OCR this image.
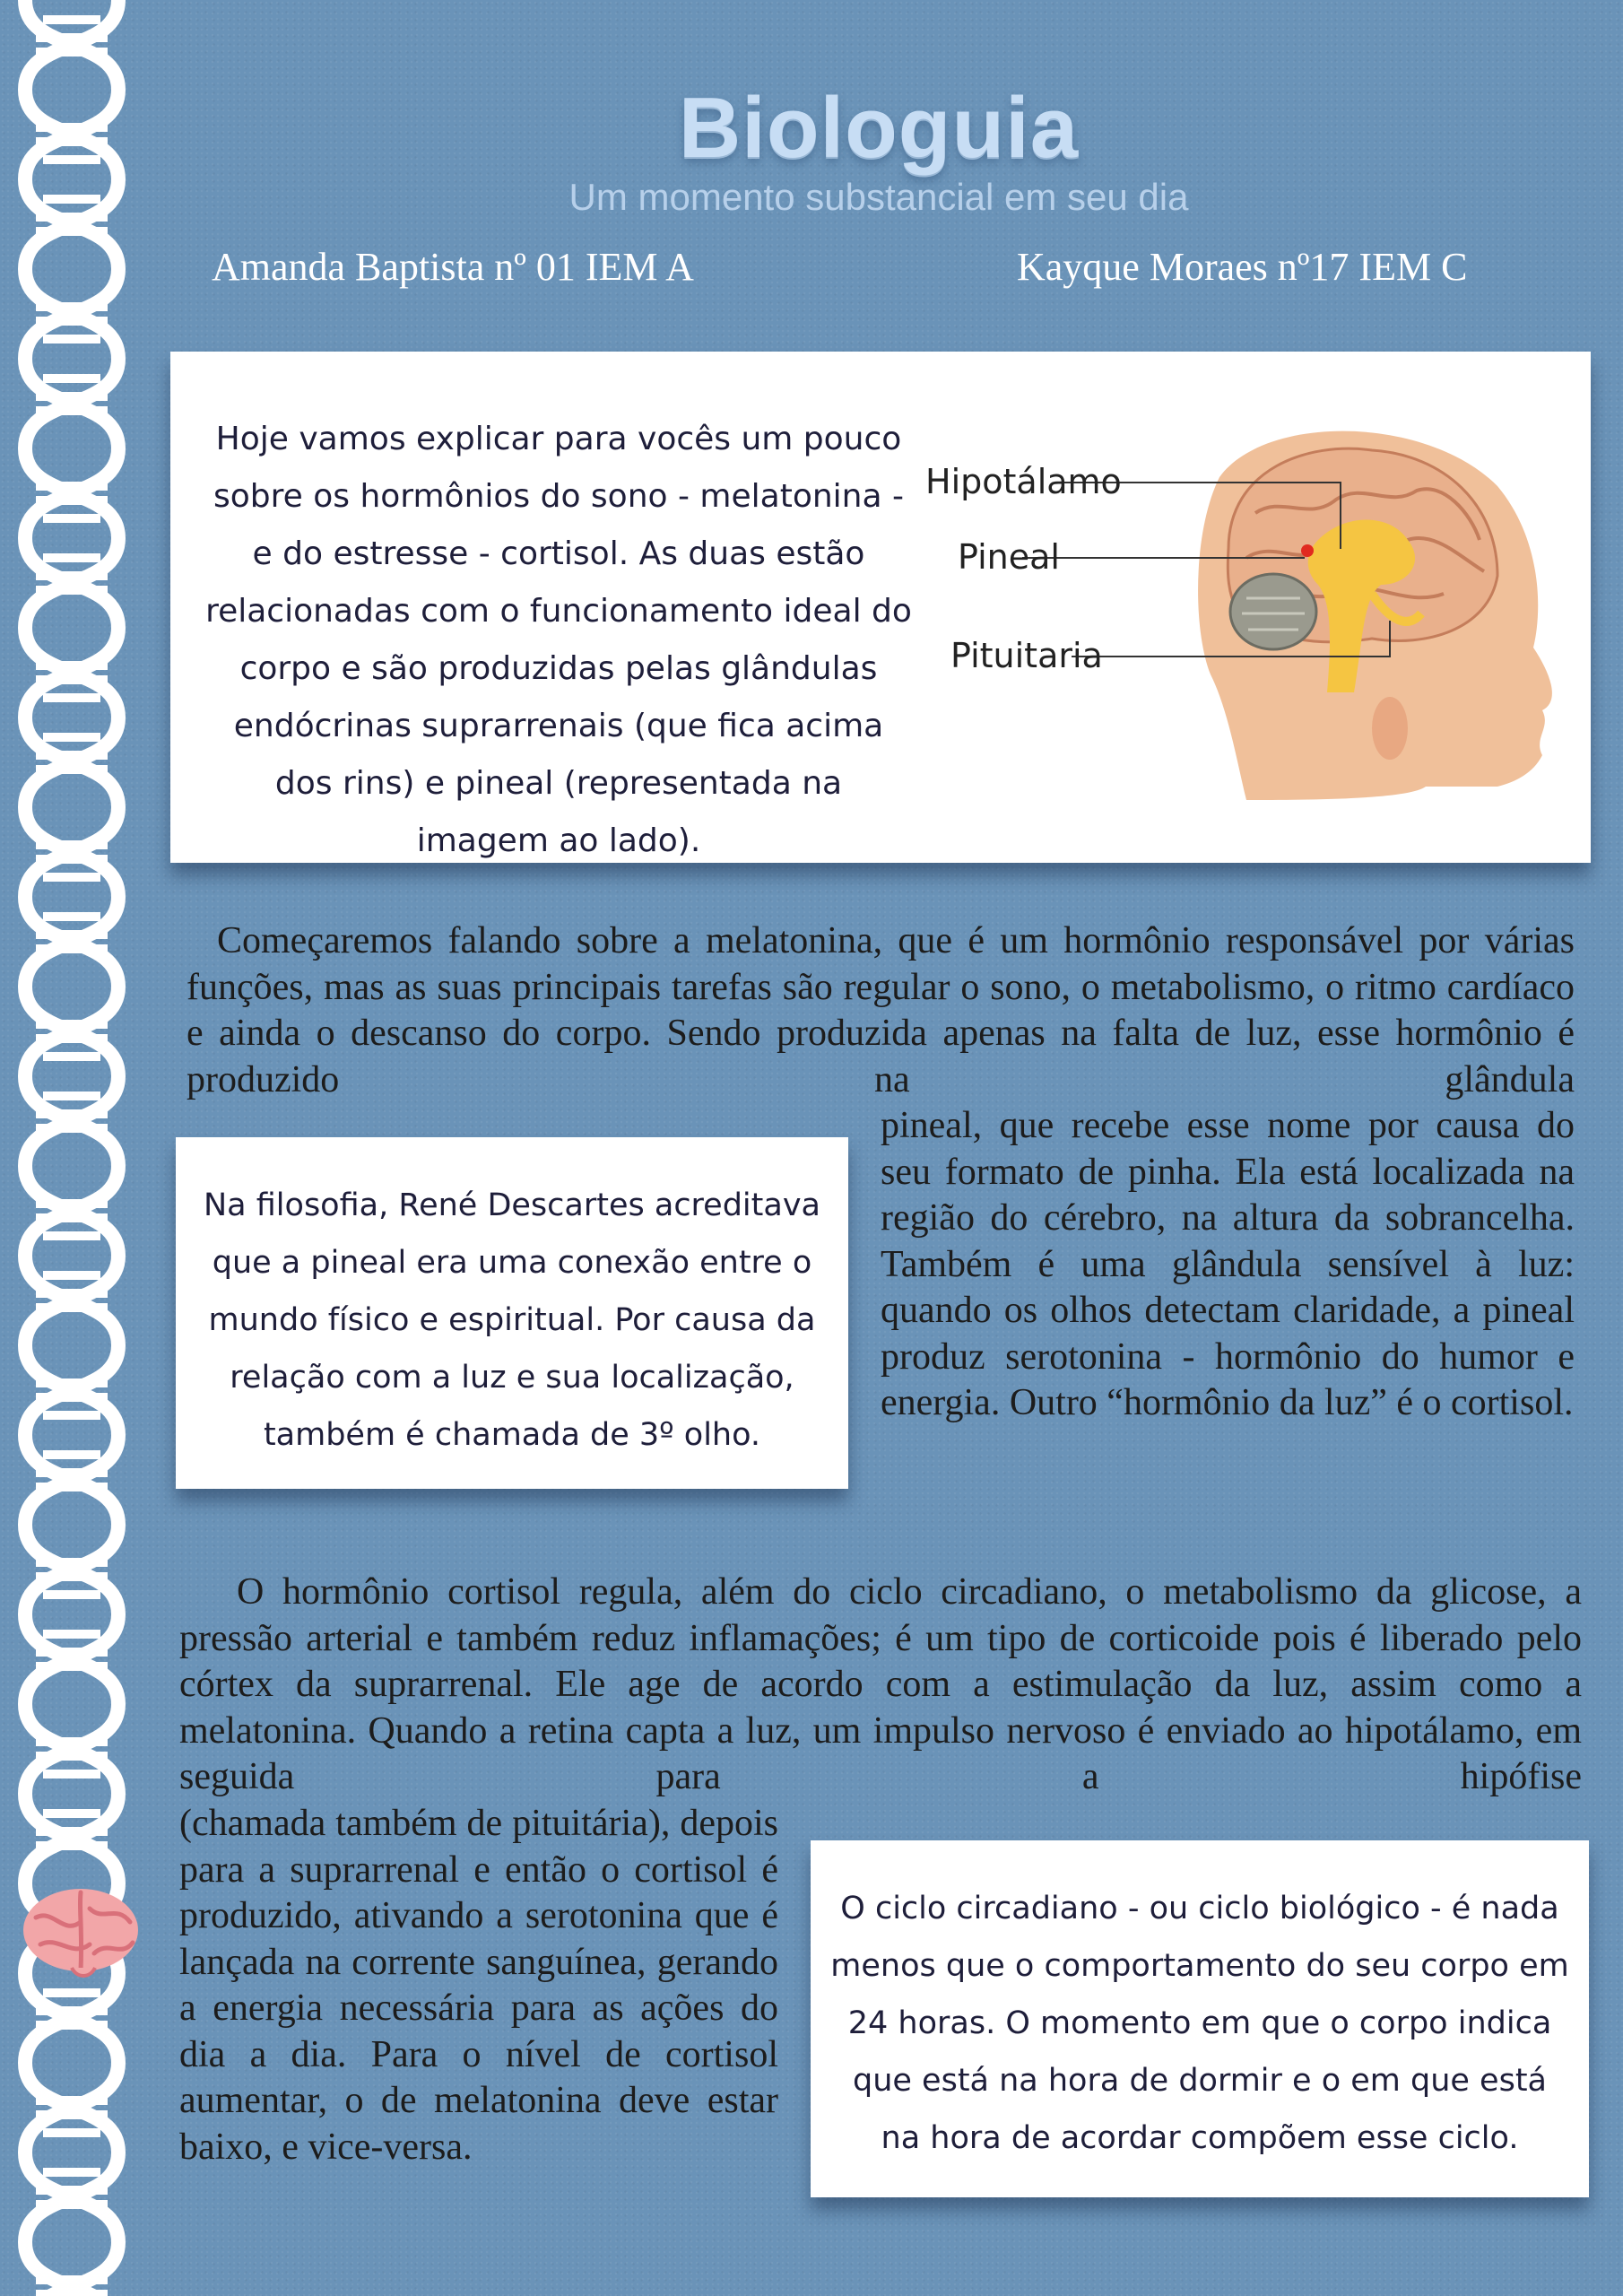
Biologuia
Um momento substancial em seu dia
Amanda Baptista nº 01 IEM A	Kayque Moraes nº17 IEM C
Hoje vamos explicar para vocês um pouco sobre os hormônios do sono - melatonina - e do estresse - cortisol. As duas estão relacionadas com o funcionamento ideal do corpo e são produzidas pelas glândulas endócrinas suprarrenais (que fica acima dos rins) e pineal (representada na imagem ao lado).
Hipotálamo
Pineal
Pituitaria

Começaremos falando sobre a melatonina, que é um hormônio responsável por várias funções, mas as suas principais tarefas são regular o sono, o metabolismo, o ritmo cardíaco e ainda o descanso do corpo. Sendo produzida apenas na falta de luz, esse hormônio é produzido na glândula

Na filosofia, René Descartes acreditava que a pineal era uma conexão entre o mundo físico e espiritual. Por causa da relação com a luz e sua localização, também é chamada de 3º olho.

pineal, que recebe esse nome por causa do seu formato de pinha. Ela está localizada na região do cérebro, na altura da sobrancelha. Também é uma glândula sensível à luz: quando os olhos detectam claridade, a pineal produz serotonina - hormônio do humor e energia. Outro “hormônio da luz” é o cortisol.

O hormônio cortisol regula, além do ciclo circadiano, o metabolismo da glicose, a pressão arterial e também reduz inflamações; é um tipo de corticoide pois é liberado pelo córtex da suprarrenal. Ele age de acordo com a estimulação da luz, assim como a melatonina. Quando a retina capta a luz, um impulso nervoso é enviado ao hipotálamo, em seguida para a hipófise

(chamada também de pituitária), depois para a suprarrenal e então o cortisol é produzido, ativando a serotonina que é lançada na corrente sanguínea, gerando a energia necessária para as ações do dia a dia. Para o nível de cortisol aumentar, o de melatonina deve estar baixo, e vice-versa.

O ciclo circadiano - ou ciclo biológico - é nada menos que o comportamento do seu corpo em 24 horas. O momento em que o corpo indica que está na hora de dormir e o em que está na hora de acordar compõem esse ciclo.
